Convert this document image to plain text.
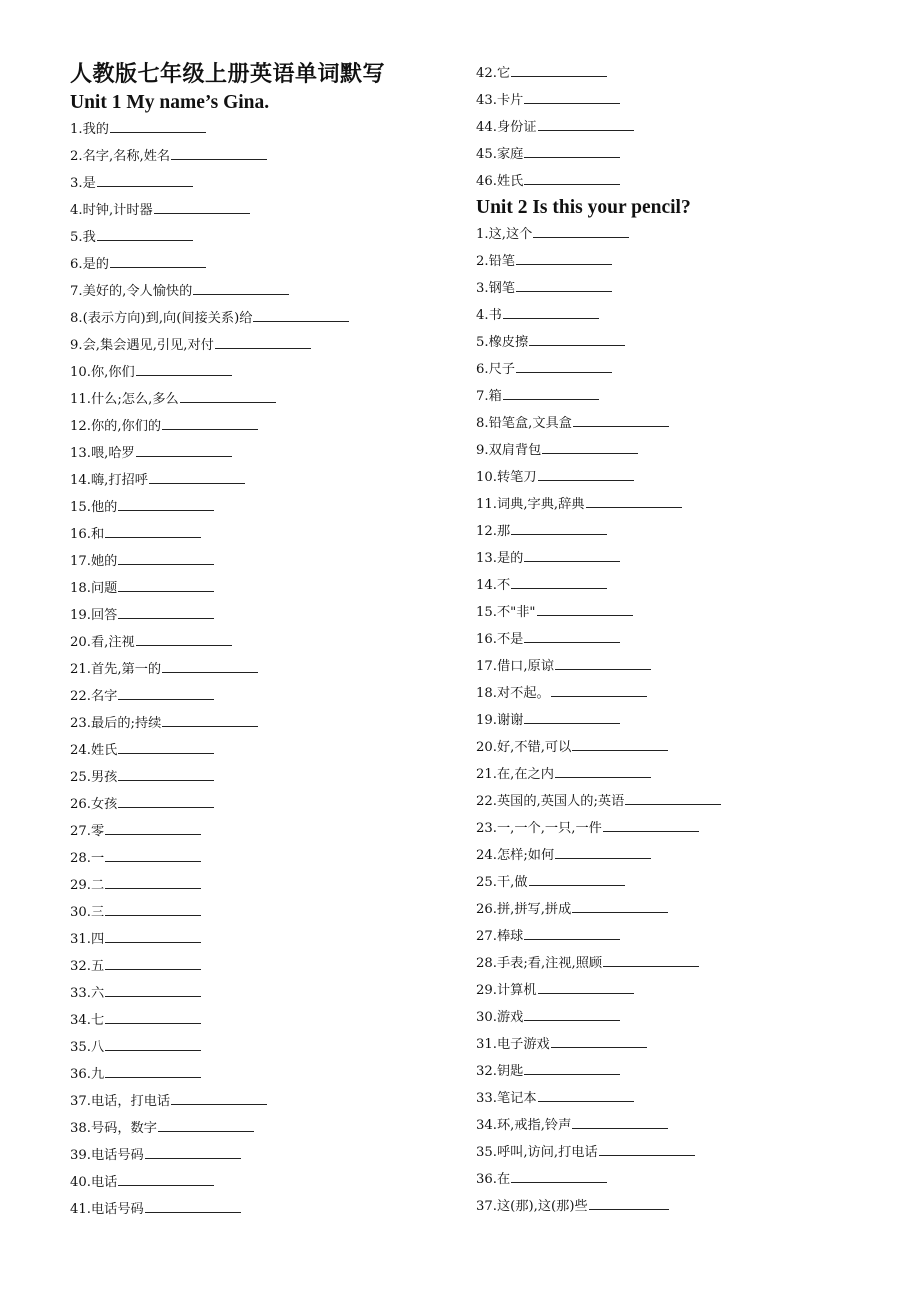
人教版七年级上册英语单词默写
Unit 1 My name’s Gina.
1.我的
2.名字,名称,姓名
3.是
4.时钟,计时器
5.我
6.是的
7.美好的,令人愉快的
8.(表示方向)到,向(间接关系)给
9.会,集会遇见,引见,对付
10.你,你们
11.什么;怎么,多么
12.你的,你们的
13.喂,哈罗
14.嗨,打招呼
15.他的
16.和
17.她的
18.问题
19.回答
20.看,注视
21.首先,第一的
22.名字
23.最后的;持续
24.姓氏
25.男孩
26.女孩
27.零
28.一
29.二
30.三
31.四
32.五
33.六
34.七
35.八
36.九
37.电话，打电话
38.号码，数字
39.电话号码
40.电话
41.电话号码
42.它
43.卡片
44.身份证
45.家庭
46.姓氏
Unit 2 Is this your pencil?
1.这,这个
2.铅笔
3.钢笔
4.书
5.橡皮擦
6.尺子
7.箱
8.铅笔盒,文具盒
9.双肩背包
10.转笔刀
11.词典,字典,辞典
12.那
13.是的
14.不
15.不"非"
16.不是
17.借口,原谅
18.对不起。
19.谢谢
20.好,不错,可以
21.在,在之内
22.英国的,英国人的;英语
23.一,一个,一只,一件
24.怎样;如何
25.干,做
26.拼,拼写,拼成
27.棒球
28.手表;看,注视,照顾
29.计算机
30.游戏
31.电子游戏
32.钥匙
33.笔记本
34.环,戒指,铃声
35.呼叫,访问,打电话
36.在
37.这(那),这(那)些
